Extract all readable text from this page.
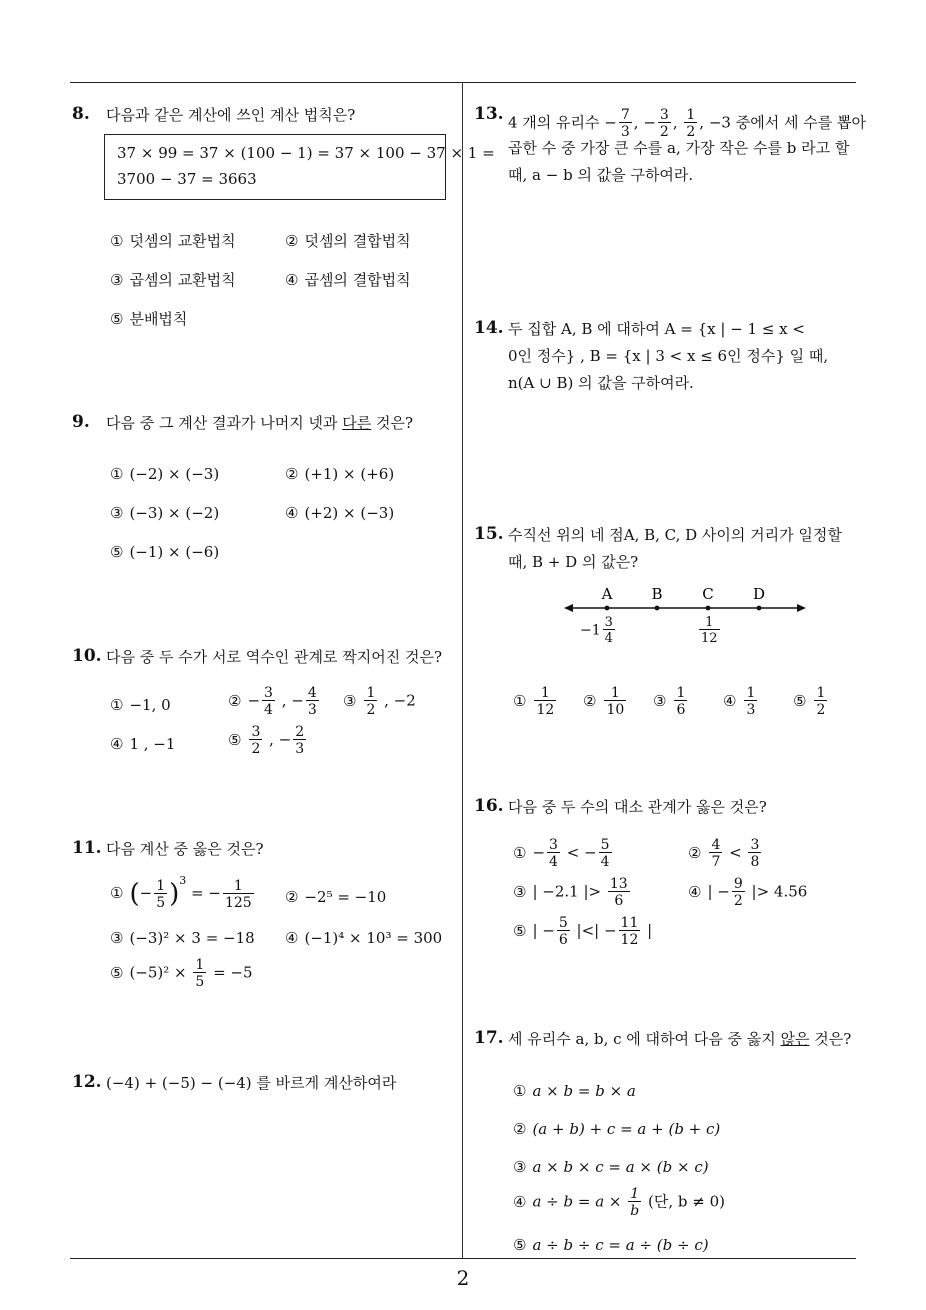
8. 다음과 같은 계산에 쓰인 계산 법칙은?
37 × 99 = 37 × (100 − 1) = 37 × 100 − 37 × 1 =
3700 − 37 = 3663
① 덧셈의 교환법칙	② 덧셈의 결합법칙
③ 곱셈의 교환법칙	④ 곱셈의 결합법칙
⑤ 분배법칙
9. 다음 중 그 계산 결과가 나머지 넷과 다른 것은?
① (−2) × (−3)	② (+1) × (+6)
③ (−3) × (−2)	④ (+2) × (−3)
⑤ (−1) × (−6)
10. 다음 중 두 수가 서로 역수인 관계로 짝지어진 것은?
① −1, 0	② − $\frac{3}{4}$ , − $\frac{4}{3}$ ③ $\frac{1}{2}$ , −2
④ 1 , −1	⑤ $\frac{3}{2}$ , − $\frac{2}{3}$
11. 다음 계산 중 옳은 것은?
① (− $\frac{1}{5} )^3$ = − $\frac{1}{125}$ ② −2⁵ = −10
③ (−3)² × 3 = −18 ④ (−1)⁴ × 10³ = 300
⑤ $(-5)^2 \times \frac{1}{5} = -5$
12. (−4) + (−5) − (−4) 를 바르게 계산하여라
13. 4 개의 유리수 − $\frac{7}{3}$ , − $\frac{3}{2}$ , $\frac{1}{2}$ , −3 중에서 세 수를 뽑아
곱한 수 중 가장 큰 수를 a, 가장 작은 수를 b 라고 할
때, a − b 의 값을 구하여라.
14. 두 집합 A, B 에 대하여 A = {x | − 1 ≤ x <
0인 정수} , B = {x | 3 < x ≤ 6인 정수} 일 때,
n(A ∪ B) 의 값을 구하여라.
15. 수직선 위의 네 점A, B, C, D 사이의 거리가 일정할
때, B + D 의 값은?
A	B	C	D
$-1 \frac{3}{4}$	$\frac{1}{12}$
① $\frac{1}{12}$ ② $\frac{1}{10}$ ③ $\frac{1}{6}$ ④ $\frac{1}{3}$ ⑤ $\frac{1}{2}$
16. 다음 중 두 수의 대소 관계가 옳은 것은?
① − $\frac{3}{4}$ < − $\frac{5}{4}$	② $\frac{4}{7} < \frac{3}{8}$
③ | −2.1 |> $\frac{13}{6}$	④ | − $\frac{9}{2}$ |> 4.56
⑤ | − $\frac{5}{6}$ |<| − $\frac{11}{12}$ |
17. 세 유리수 a, b, c 에 대하여 다음 중 옳지 않은 것은?
① a × b = b × a
② (a + b) + c = a + (b + c)
③ a × b × c = a × (b × c)
④ $a \div b = a \times \frac{1}{b}$ (단, b ≠ 0)
⑤ a ÷ b ÷ c = a ÷ (b ÷ c)
2
